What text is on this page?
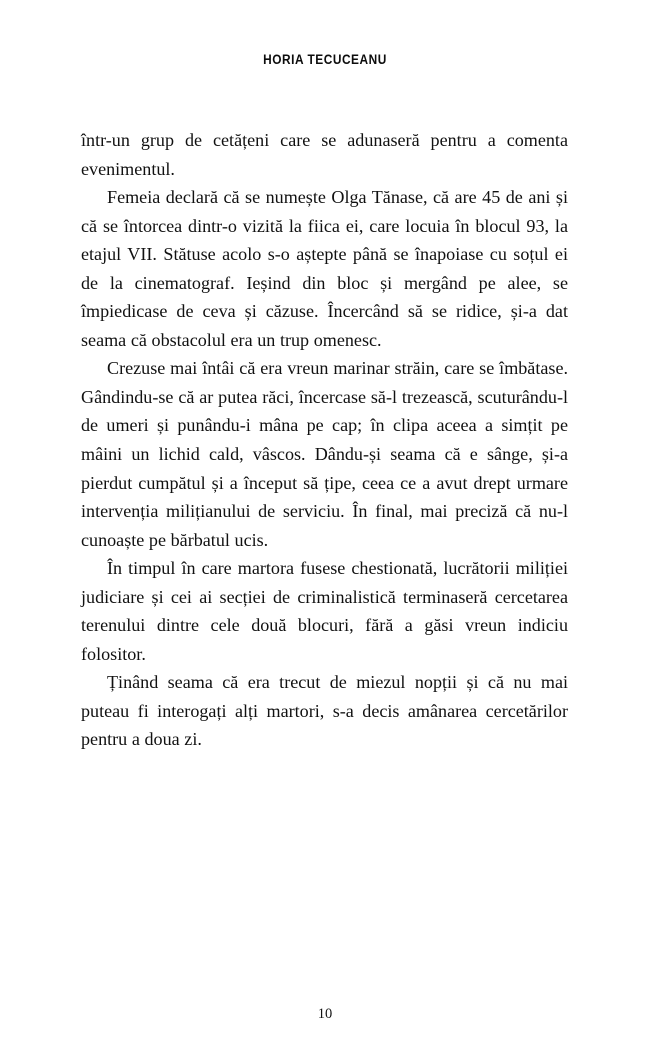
HORIA TECUCEANU

într-un grup de cetățeni care se adunaseră pentru a comenta evenimentul.

Femeia declară că se numește Olga Tănase, că are 45 de ani și că se întorcea dintr-o vizită la fiica ei, care locuia în blocul 93, la etajul VII. Stătuse acolo s-o aștepte până se înapoiase cu soțul ei de la cinematograf. Ieșind din bloc și mergând pe alee, se împiedicase de ceva și căzuse. Încercând să se ridice, și-a dat seama că obstacolul era un trup omenesc.

Crezuse mai întâi că era vreun marinar străin, care se îmbătase. Gândindu-se că ar putea răci, încercase să-l trezească, scuturându-l de umeri și punându-i mâna pe cap; în clipa aceea a simțit pe mâini un lichid cald, vâscos. Dându-și seama că e sânge, și-a pierdut cumpătul și a început să țipe, ceea ce a avut drept urmare intervenția milițianului de serviciu. În final, mai preciză că nu-l cunoaște pe bărbatul ucis.

În timpul în care martora fusese chestionată, lucrătorii miliției judiciare și cei ai secției de criminalistică terminaseră cercetarea terenului dintre cele două blocuri, fără a găsi vreun indiciu folositor.

Ținând seama că era trecut de miezul nopții și că nu mai puteau fi interogați alți martori, s-a decis amânarea cercetărilor pentru a doua zi.

10
